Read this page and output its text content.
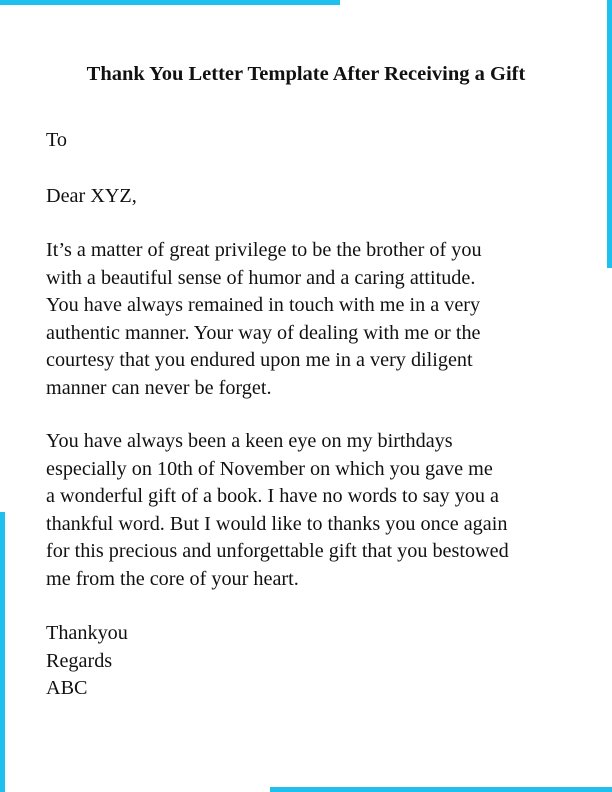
Thank You Letter Template After Receiving a Gift
To
Dear XYZ,

It’s a matter of great privilege to be the brother of you
with a beautiful sense of humor and a caring attitude.
You have always remained in touch with me in a very
authentic manner. Your way of dealing with me or the
courtesy that you endured upon me in a very diligent
manner can never be forget.

You have always been a keen eye on my birthdays
especially on 10th of November on which you gave me
a wonderful gift of a book. I have no words to say you a
thankful word. But I would like to thanks you once again
for this precious and unforgettable gift that you bestowed
me from the core of your heart.

Thankyou
Regards
ABC
